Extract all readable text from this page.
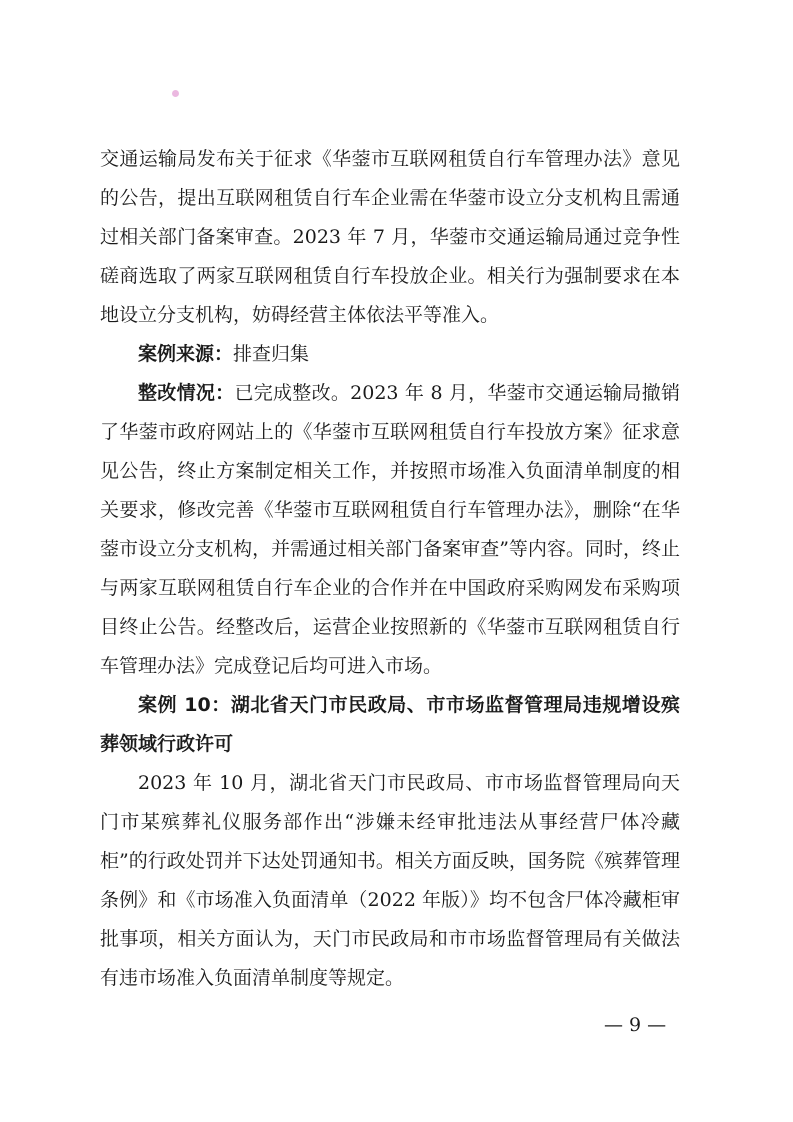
交通运输局发布关于征求《华蓥市互联网租赁自行车管理办法》意见的公告，提出互联网租赁自行车企业需在华蓥市设立分支机构且需通过相关部门备案审查。2023 年 7 月，华蓥市交通运输局通过竞争性磋商选取了两家互联网租赁自行车投放企业。相关行为强制要求在本地设立分支机构，妨碍经营主体依法平等准入。

案例来源：排查归集

整改情况：已完成整改。2023 年 8 月，华蓥市交通运输局撤销了华蓥市政府网站上的《华蓥市互联网租赁自行车投放方案》征求意见公告，终止方案制定相关工作，并按照市场准入负面清单制度的相关要求，修改完善《华蓥市互联网租赁自行车管理办法》，删除“在华蓥市设立分支机构，并需通过相关部门备案审查”等内容。同时，终止与两家互联网租赁自行车企业的合作并在中国政府采购网发布采购项目终止公告。经整改后，运营企业按照新的《华蓥市互联网租赁自行车管理办法》完成登记后均可进入市场。

案例 10：湖北省天门市民政局、市市场监督管理局违规增设殡葬领域行政许可

2023 年 10 月，湖北省天门市民政局、市市场监督管理局向天门市某殡葬礼仪服务部作出“涉嫌未经审批违法从事经营尸体冷藏柜”的行政处罚并下达处罚通知书。相关方面反映，国务院《殡葬管理条例》和《市场准入负面清单（2022 年版）》均不包含尸体冷藏柜审批事项，相关方面认为，天门市民政局和市市场监督管理局有关做法有违市场准入负面清单制度等规定。

— 9 —
